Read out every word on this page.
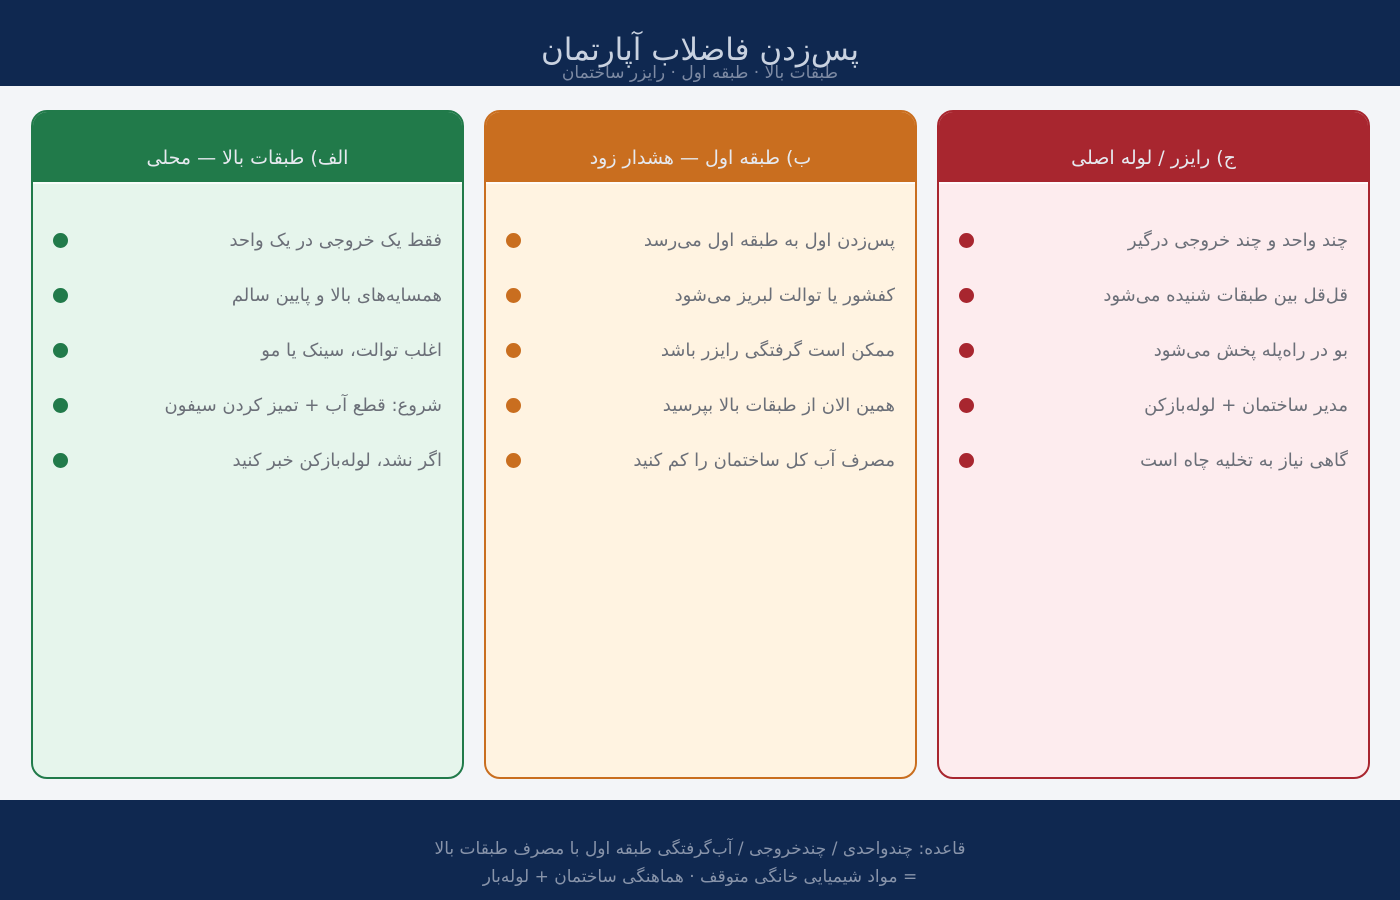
پس‌زدن فاضلاب آپارتمان
طبقات بالا · طبقه اول · رایزر ساختمان
ج) رایزر / لوله اصلی
چند واحد و چند خروجی درگیر
قل‌قل بین طبقات شنیده می‌شود
بو در راه‌پله پخش می‌شود
مدیر ساختمان + لوله‌بازکن
گاهی نیاز به تخلیه چاه است
ب) طبقه اول — هشدار زود
پس‌زدن اول به طبقه اول می‌رسد
کفشور یا توالت لبریز می‌شود
ممکن است گرفتگی رایزر باشد
همین الان از طبقات بالا بپرسید
مصرف آب کل ساختمان را کم کنید
الف) طبقات بالا — محلی
فقط یک خروجی در یک واحد
همسایه‌های بالا و پایین سالم
اغلب توالت، سینک یا مو
شروع: قطع آب + تمیز کردن سیفون
اگر نشد، لوله‌بازکن خبر کنید
قاعده: چندواحدی / چندخروجی / آب‌گرفتگی طبقه اول با مصرف طبقات بالا
= مواد شیمیایی خانگی متوقف · هماهنگی ساختمان + لوله‌بار
